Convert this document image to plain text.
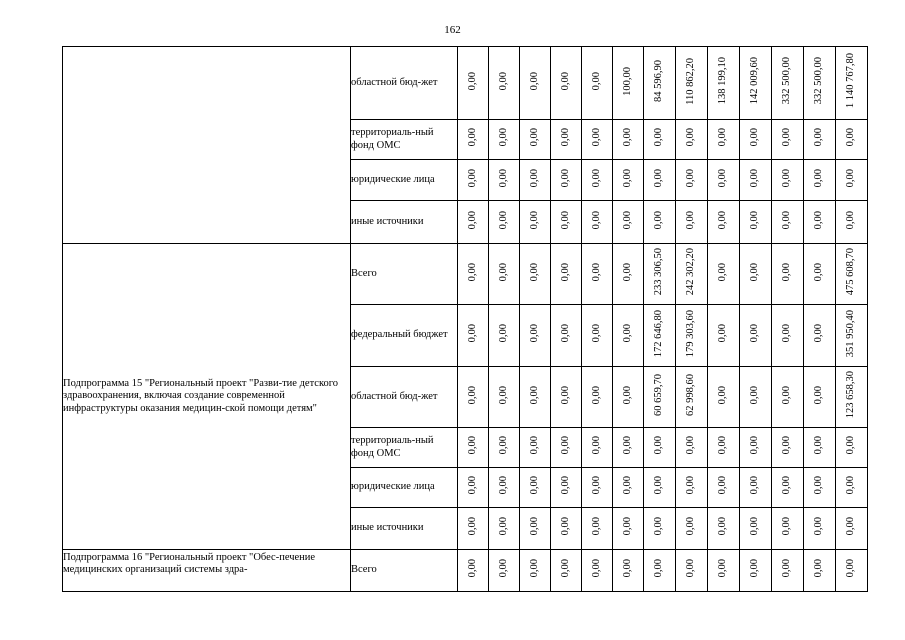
162
	областной бюд-жет	0,00	0,00	0,00	0,00	0,00	100,00	84 596,90	110 862,20	138 199,10	142 009,60	332 500,00	332 500,00	1 140 767,80
	территориаль-ный фонд ОМС	0,00	0,00	0,00	0,00	0,00	0,00	0,00	0,00	0,00	0,00	0,00	0,00	0,00
	юридические лица	0,00	0,00	0,00	0,00	0,00	0,00	0,00	0,00	0,00	0,00	0,00	0,00	0,00
	иные источники	0,00	0,00	0,00	0,00	0,00	0,00	0,00	0,00	0,00	0,00	0,00	0,00	0,00
Подпрограмма 15 "Региональный проект "Разви-тие детского здравоохранения, включая создание современной инфраструктуры оказания медицин-ской помощи детям"	Всего	0,00	0,00	0,00	0,00	0,00	0,00	233 306,50	242 302,20	0,00	0,00	0,00	0,00	475 608,70
	федеральный бюджет	0,00	0,00	0,00	0,00	0,00	0,00	172 646,80	179 303,60	0,00	0,00	0,00	0,00	351 950,40
	областной бюд-жет	0,00	0,00	0,00	0,00	0,00	0,00	60 659,70	62 998,60	0,00	0,00	0,00	0,00	123 658,30
	территориаль-ный фонд ОМС	0,00	0,00	0,00	0,00	0,00	0,00	0,00	0,00	0,00	0,00	0,00	0,00	0,00
	юридические лица	0,00	0,00	0,00	0,00	0,00	0,00	0,00	0,00	0,00	0,00	0,00	0,00	0,00
	иные источники	0,00	0,00	0,00	0,00	0,00	0,00	0,00	0,00	0,00	0,00	0,00	0,00	0,00
Подпрограмма 16 "Региональный проект "Обес-печение медицинских организаций системы здра-	Всего	0,00	0,00	0,00	0,00	0,00	0,00	0,00	0,00	0,00	0,00	0,00	0,00	0,00
